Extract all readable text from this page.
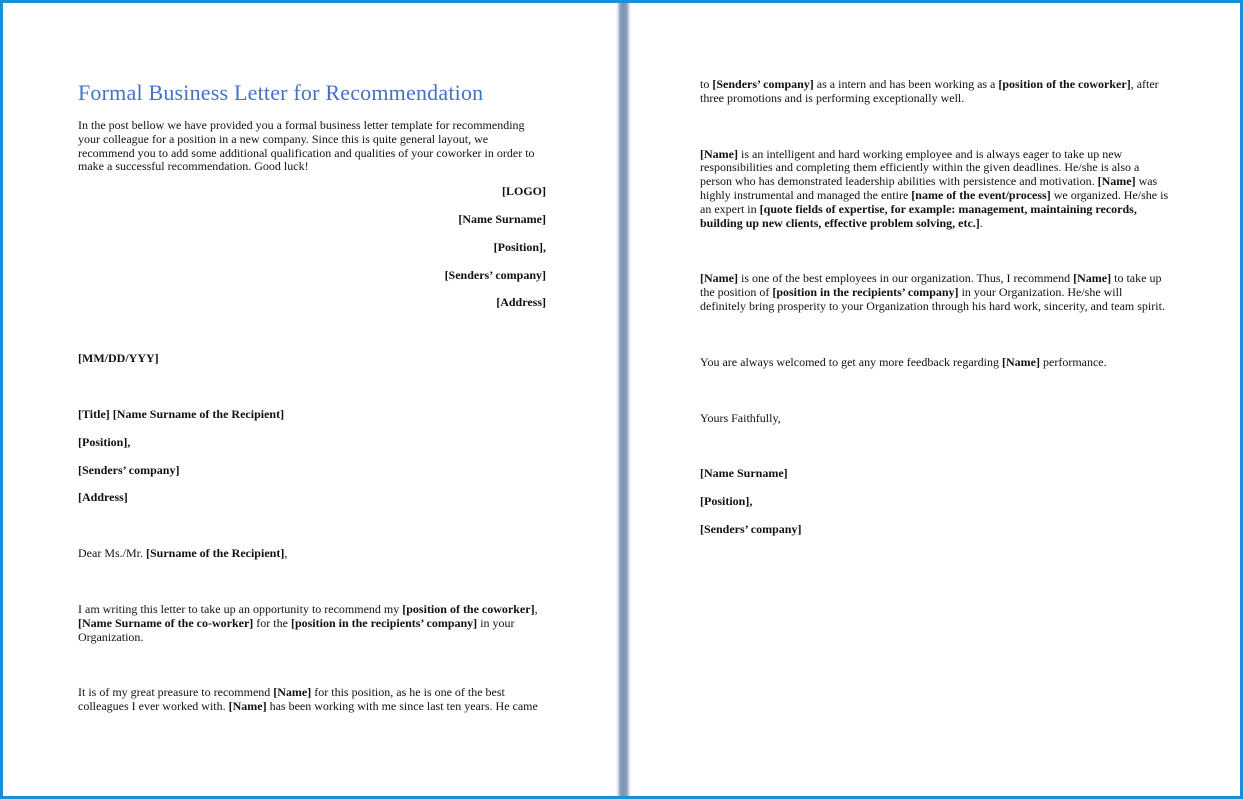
Formal Business Letter for Recommendation

In the post bellow we have provided you a formal business letter template for recommending your colleague for a position in a new company. Since this is quite general layout, we recommend you to add some additional qualification and qualities of your coworker in order to make a successful recommendation. Good luck!

[LOGO]

[Name Surname]

[Position],

[Senders’ company]

[Address]

[MM/DD/YYY]

[Title] [Name Surname of the Recipient]

[Position],

[Senders’ company]

[Address]

Dear Ms./Mr. [Surname of the Recipient],

I am writing this letter to take up an opportunity to recommend my [position of the coworker], [Name Surname of the co-worker] for the [position in the recipients’ company] in your Organization.

It is of my great preasure to recommend [Name] for this position, as he is one of the best colleagues I ever worked with. [Name] has been working with me since last ten years. He came

to [Senders’ company] as a intern and has been working as a [position of the coworker], after three promotions and is performing exceptionally well.

[Name] is an intelligent and hard working employee and is always eager to take up new responsibilities and completing them efficiently within the given deadlines. He/she is also a person who has demonstrated leadership abilities with persistence and motivation. [Name] was highly instrumental and managed the entire [name of the event/process] we organized. He/she is an expert in [quote fields of expertise, for example: management, maintaining records, building up new clients, effective problem solving, etc.].

[Name] is one of the best employees in our organization. Thus, I recommend [Name] to take up the position of [position in the recipients’ company] in your Organization. He/she will definitely bring prosperity to your Organization through his hard work, sincerity, and team spirit.

You are always welcomed to get any more feedback regarding [Name] performance.

Yours Faithfully,

[Name Surname]

[Position],

[Senders’ company]
